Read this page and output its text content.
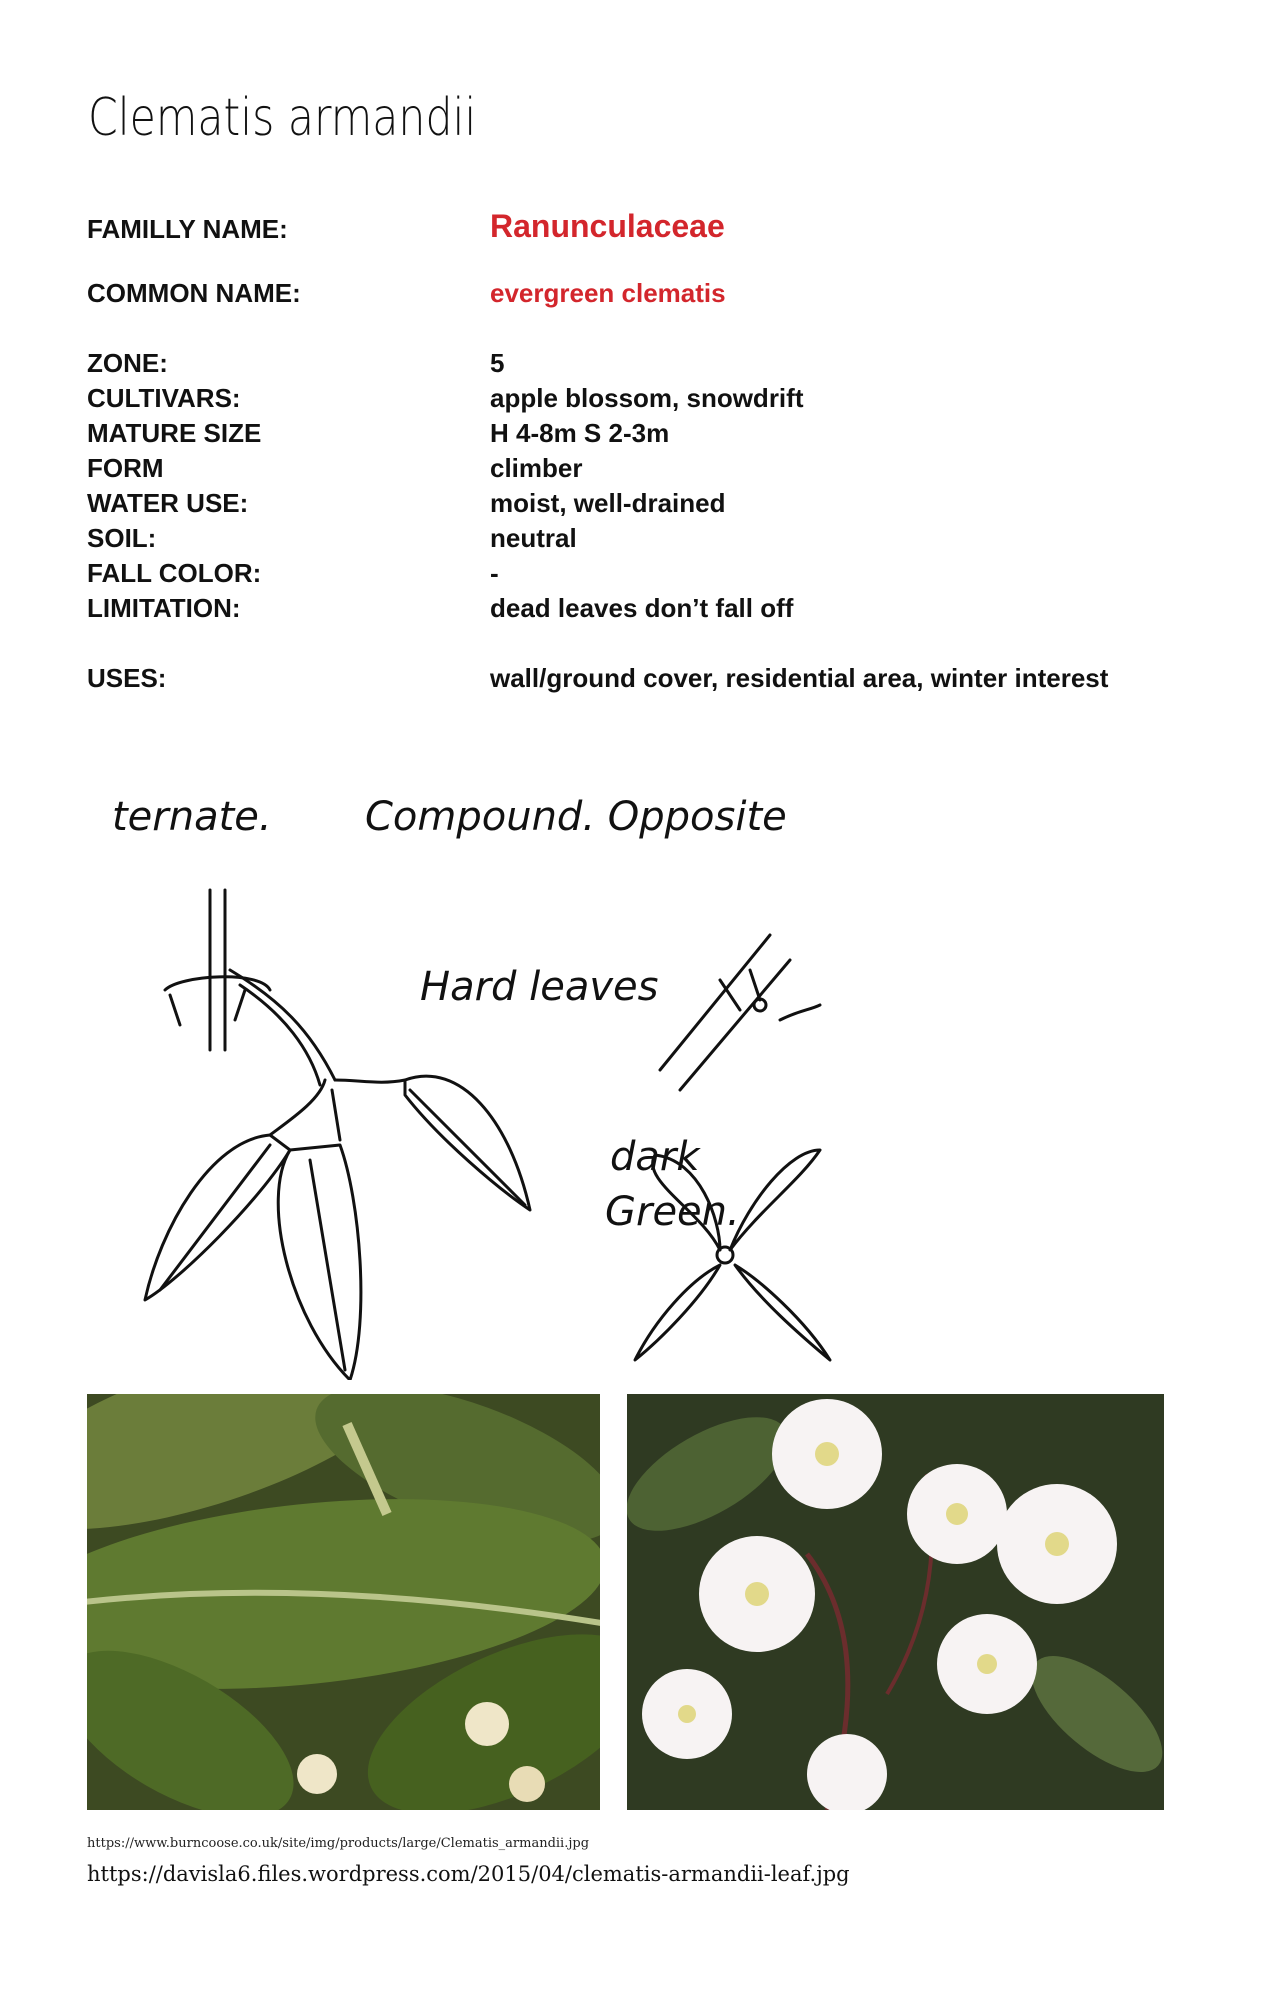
Clematis armandii
FAMILLY NAME:	Ranunculaceae
COMMON NAME:	evergreen clematis
ZONE:	5
CULTIVARS:	apple blossom, snowdrift
MATURE SIZE	H 4-8m S 2-3m
FORM	climber
WATER USE:	moist, well-drained
SOIL:	neutral
FALL COLOR:	-
LIMITATION:	dead leaves don’t fall off
USES:	wall/ground cover, residential area, winter interest
ternate. Compound. Opposite
Hard leaves
dark
Green.
https://www.burncoose.co.uk/site/img/products/large/Clematis_armandii.jpg
https://davisla6.files.wordpress.com/2015/04/clematis-armandii-leaf.jpg
